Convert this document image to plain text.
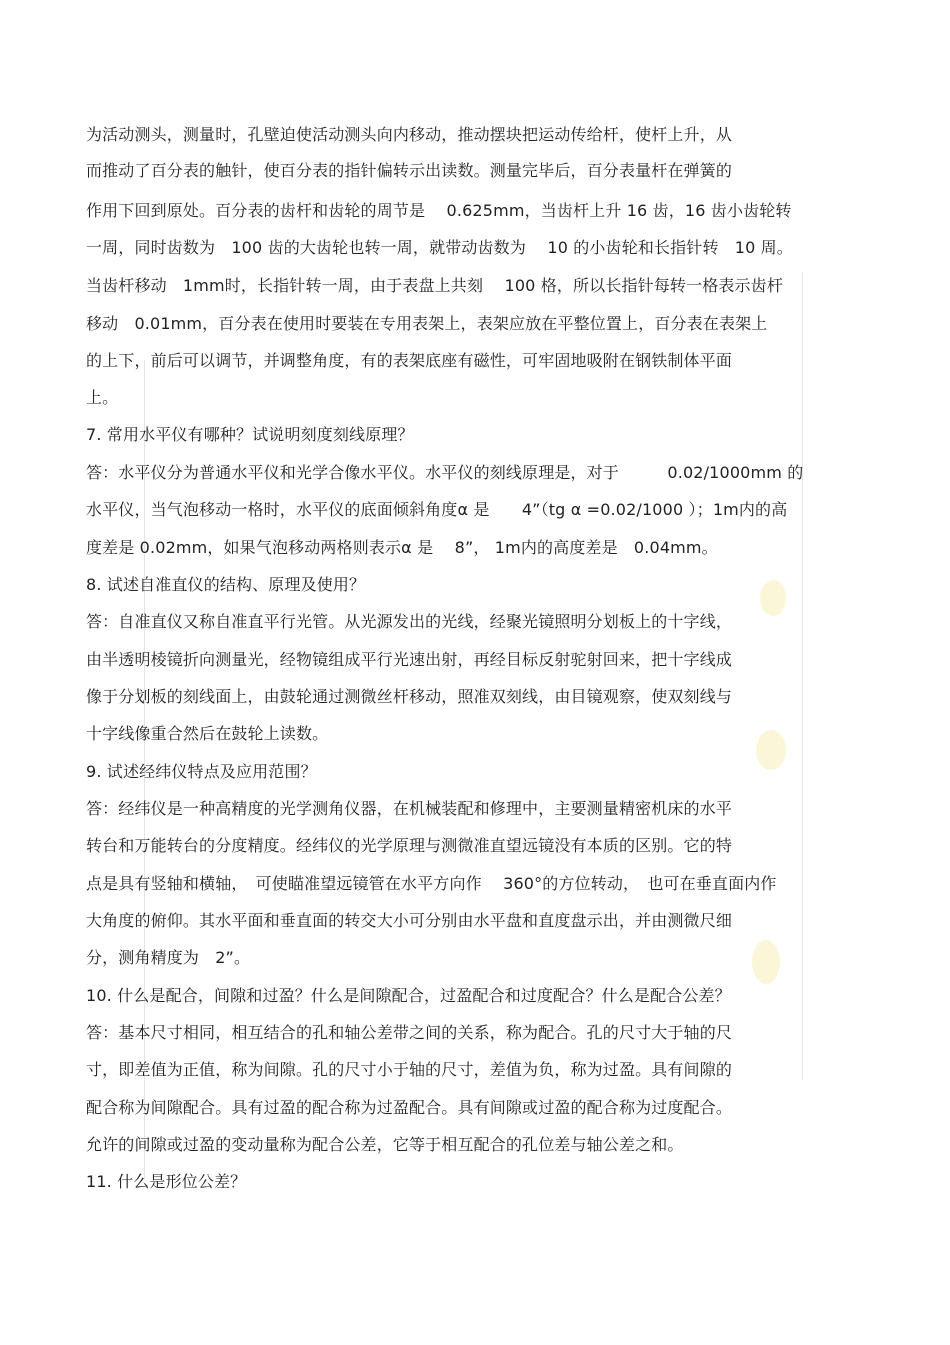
为活动测头，测量时，孔壁迫使活动测头向内移动，推动摆块把运动传给杆，使杆上升，从
而推动了百分表的触针，使百分表的指针偏转示出读数。测量完毕后，百分表量杆在弹簧的
作用下回到原处。百分表的齿杆和齿轮的周节是　 0.625mm，当齿杆上升 16 齿，16 齿小齿轮转
一周，同时齿数为　100 齿的大齿轮也转一周，就带动齿数为　 10 的小齿轮和长指针转　10 周。
当齿杆移动　1mm时，长指针转一周，由于表盘上共刻　 100 格，所以长指针每转一格表示齿杆
移动　0.01mm，百分表在使用时要装在专用表架上，表架应放在平整位置上，百分表在表架上
的上下，前后可以调节，并调整角度，有的表架底座有磁性，可牢固地吸附在钢铁制体平面
上。
7. 常用水平仪有哪种？试说明刻度刻线原理？
答：水平仪分为普通水平仪和光学合像水平仪。水平仪的刻线原理是，对于　　　0.02/1000mm 的
水平仪，当气泡移动一格时，水平仪的底面倾斜角度α 是　　4”（tg α =0.02/1000 ）；1m内的高
度差是 0.02mm，如果气泡移动两格则表示α 是　 8”， 1m内的高度差是　0.04mm。
8. 试述自准直仪的结构、原理及使用？
答：自准直仪又称自准直平行光管。从光源发出的光线，经聚光镜照明分划板上的十字线，
由半透明棱镜折向测量光，经物镜组成平行光速出射，再经目标反射驼射回来，把十字线成
像于分划板的刻线面上，由鼓轮通过测微丝杆移动，照准双刻线，由目镜观察，使双刻线与
十字线像重合然后在鼓轮上读数。
9. 试述经纬仪特点及应用范围？
答：经纬仪是一种高精度的光学测角仪器，在机械装配和修理中，主要测量精密机床的水平
转台和万能转台的分度精度。经纬仪的光学原理与测微准直望远镜没有本质的区别。它的特
点是具有竖轴和横轴，　可使瞄准望远镜管在水平方向作　 360°的方位转动，　也可在垂直面内作
大角度的俯仰。其水平面和垂直面的转交大小可分别由水平盘和直度盘示出，并由测微尺细
分，测角精度为　2”。
10. 什么是配合，间隙和过盈？什么是间隙配合，过盈配合和过度配合？什么是配合公差？
答：基本尺寸相同，相互结合的孔和轴公差带之间的关系，称为配合。孔的尺寸大于轴的尺
寸，即差值为正值，称为间隙。孔的尺寸小于轴的尺寸，差值为负，称为过盈。具有间隙的
配合称为间隙配合。具有过盈的配合称为过盈配合。具有间隙或过盈的配合称为过度配合。
允许的间隙或过盈的变动量称为配合公差，它等于相互配合的孔位差与轴公差之和。
11. 什么是形位公差？
